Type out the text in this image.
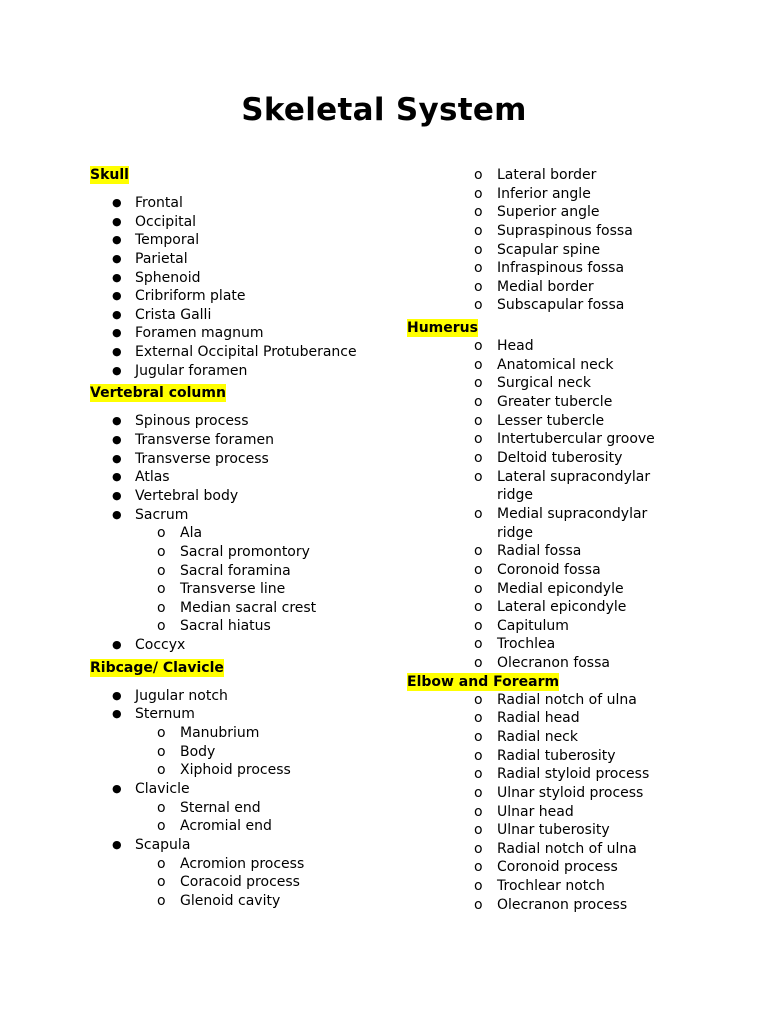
Skeletal System
Skull
● Frontal
● Occipital
● Temporal
● Parietal
● Sphenoid
● Cribriform plate
● Crista Galli
● Foramen magnum
● External Occipital Protuberance
● Jugular foramen
Vertebral column
● Spinous process
● Transverse foramen
● Transverse process
● Atlas
● Vertebral body
● Sacrum
o Ala
o Sacral promontory
o Sacral foramina
o Transverse line
o Median sacral crest
o Sacral hiatus
● Coccyx
Ribcage/ Clavicle
● Jugular notch
● Sternum
o Manubrium
o Body
o Xiphoid process
● Clavicle
o Sternal end
o Acromial end
● Scapula
o Acromion process
o Coracoid process
o Glenoid cavity
o Lateral border
o Inferior angle
o Superior angle
o Supraspinous fossa
o Scapular spine
o Infraspinous fossa
o Medial border
o Subscapular fossa
Humerus
o Head
o Anatomical neck
o Surgical neck
o Greater tubercle
o Lesser tubercle
o Intertubercular groove
o Deltoid tuberosity
o Lateral supracondylar ridge
o Medial supracondylar ridge
o Radial fossa
o Coronoid fossa
o Medial epicondyle
o Lateral epicondyle
o Capitulum
o Trochlea
o Olecranon fossa
Elbow and Forearm
o Radial notch of ulna
o Radial head
o Radial neck
o Radial tuberosity
o Radial styloid process
o Ulnar styloid process
o Ulnar head
o Ulnar tuberosity
o Radial notch of ulna
o Coronoid process
o Trochlear notch
o Olecranon process
